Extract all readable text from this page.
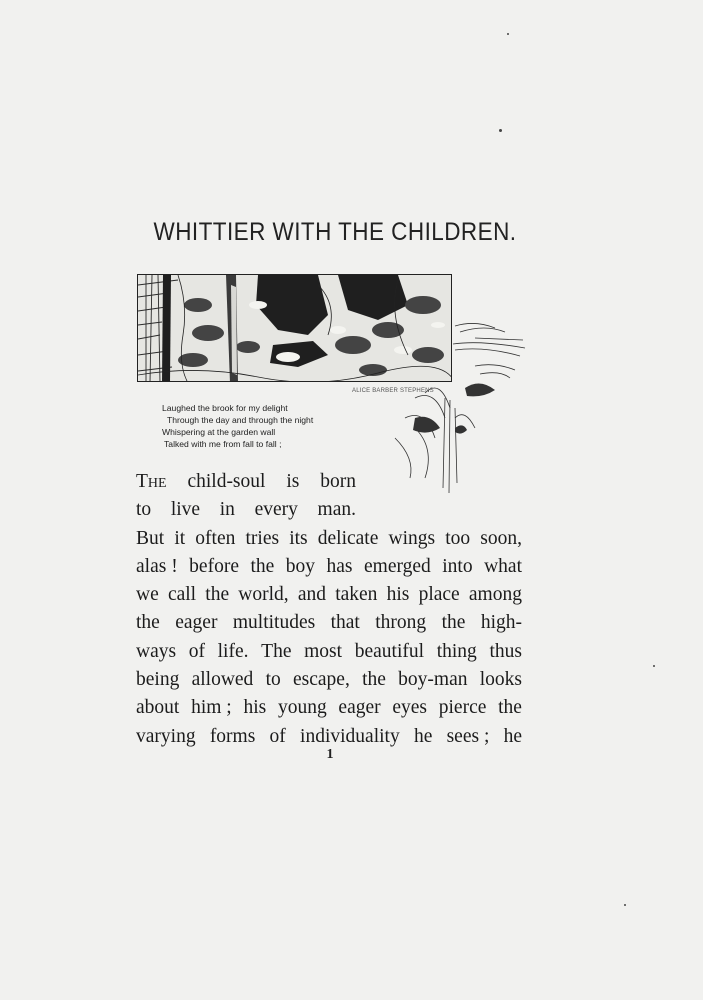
WHITTIER WITH THE CHILDREN.
ALICE BARBER STEPHENS
Laughed the brook for my delight
Through the day and through the night
Whispering at the garden wall
Talked with me from fall to fall ;
The child-soul is born
to live in every man.
But it often tries its delicate wings too soon,
alas ! before the boy has emerged into what
we call the world, and taken his place among
the eager multitudes that throng the high-
ways of life. The most beautiful thing thus
being allowed to escape, the boy-man looks
about him ; his young eager eyes pierce the
varying forms of individuality he sees ; he
1
